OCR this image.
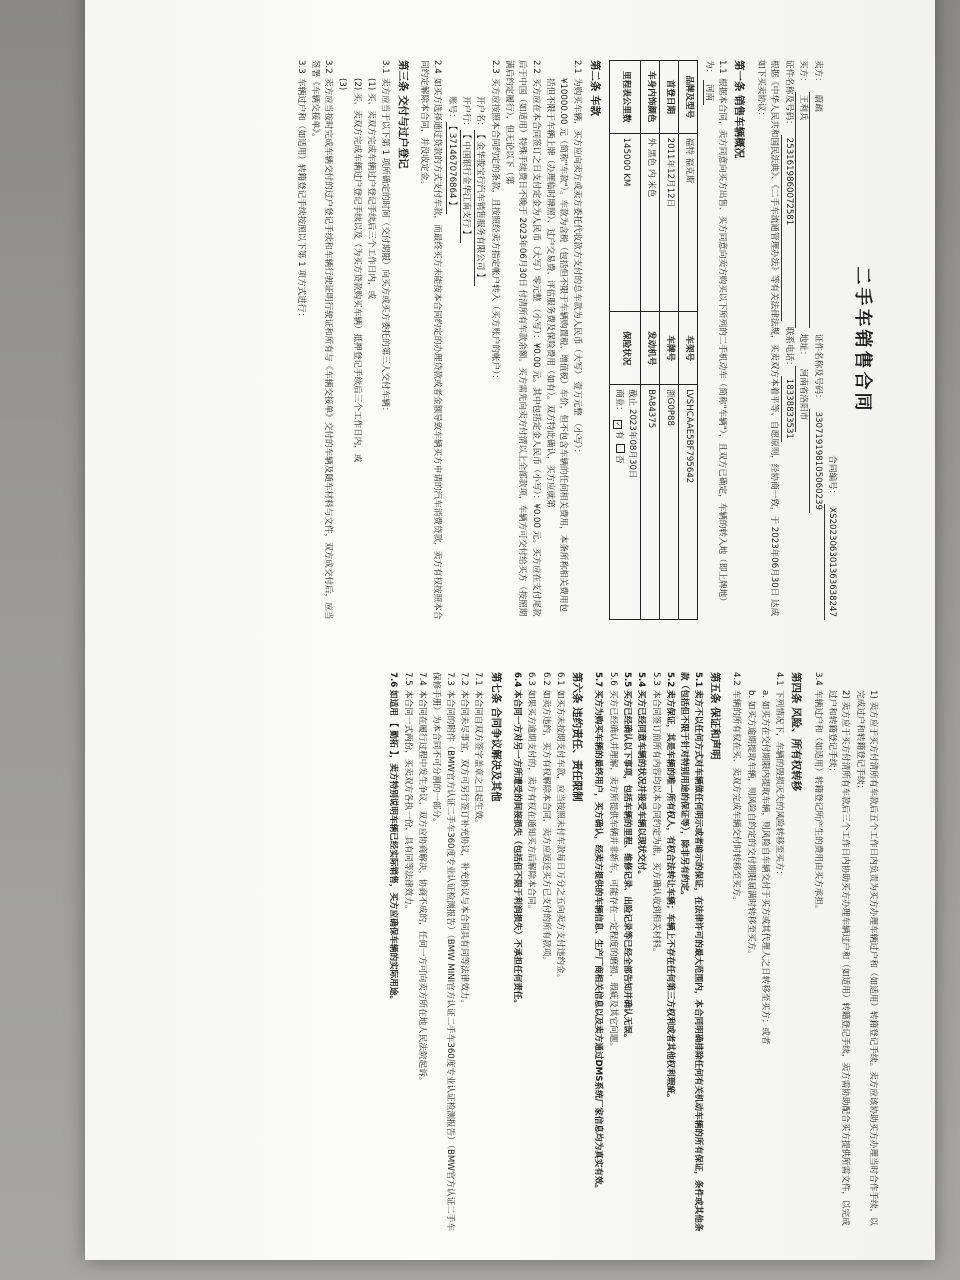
二手车销售合同
合同编号：
XS2023063013636382​47
卖方：
蔚疏
证件名称及号码：
330719198105060239
买方：
王利兵
地址：
河南省洛阳市
证件名称及号码：
253161986007258​1
联系电话：
18338833531
根据《中华人民共和国民法典》、《二手车流通管理办法》等有关法律法规，买卖双方本着平等、自愿原则，经协商一致，于 2023年06月30日 达成如下买卖协议：
第一条 销售车辆概况
1.1根据本合同，卖方同意向买方出售、买方同意向卖方购买以下所列的二手机动车（简称"车辆"），且双方已确定，车辆的转入地（即上牌地）为： 河南
品牌及型号	福特 福克斯	车架号	LVSHCAAE5BF795642
首登日期	2011年12月12日	车牌号	浙G0P88
车身内饰颜色	外 黑色 内 米色	发动机号	BA84375
里程表公里数	145000 KM	保险状况	截止 2023年08月30日
商业： ✓有 否
第二条 车款
2.1为购买车辆，买方应向卖方或卖方委托代收款方支付的总车款为人民币（大写） 壹万元整 （小写）：
¥10000.00 元（简称"车款"）。车款为含税（包括但不限于车辆购置税、增值税）车价，但不包含车辆的任何相关费用，本条所称相关费用包括但不限于车辆上牌（办理临时牌照）、过户交易费、评估服务费及保险费用（如有）。双方特此确认，买方应就第
2.2买方应在本合同签订之日支付定金为人民币（大写）零元整 （小写）：¥0.00 元。其中包括定金人民币（小写）：¥0.00 元。买方应在支付尾款后于中国（如适用）特殊手续费日不晚于 2023年06月30日 付清所有车款余额。买方需先向卖方付清以上全部款项，车辆方可交付给买方（按照期满后约定履行），但无论以下（第
2.3买方应按照本合同约定的条款，且按照经卖方指定帐户转入（买方账户的帐户）：
开户名：【 金华骏宝行汽车销售服务有限公司 】
开户行：【 中国银行金华江南支行 】
账号：【 371467076864 】
2.4如买方选择通过贷款的方式支付车款，而最终买方未能按本合同约定的办理贷款或者金额导致车辆买方申请的汽车消费贷款，卖方有权按照本合同约定解除本合同，并没收定金。
第三条 交付与过户登记
3.1卖方应当于以下第 1 项所确定的时间（交付期限）向买方或买方委托的第三人交付车辆：
(1) 买、卖双方完成车辆过户登记手续后三个工作日内，或
(2) 买、卖双方完成车辆过户登记手续以及（为买方贷款购买车辆）抵押登记手续后三个工作日内，或
(3)
3.2卖方应当按时完成车辆交付的过户登记手续和车辆行驶证明行驶证和所有与《车辆交接单》交付的车辆及随车材料与文件，双方成交付后，应当签署《车辆交接单》。
3.3车辆过户和（如适用）转籍登记手续按照以下第 1 项方式进行：
1) 卖方应于买方付清所有车款后五个工作日内负责为买方办理车辆过户和（如适用）转籍登记手续。卖方应该协助买方办理当时合作手续，以完成过户和转籍登记手续；
2) 卖方应于买方付清所有车款后三个工作日内协助买方办理车辆过户和（如适用）转籍登记手续，卖方需协助配合买方提供所需文件，以完成过户和转籍登记手续；
3.4车辆过户和（如适用）转籍登记所产生的费用由买方承担。
第四条 风险、所有权转移
4.1下列情况下，车辆的毁损灭失的风险转移至买方：
a. 如买方在交付期限内提取车辆，则风险自车辆交付于买方或其代理人之日转移至买方；或者
b. 如买方逾期提取车辆，则风险自约定的交付期限届满时转移至买方。
4.2车辆的所有权在买、卖双方完成车辆交付时转移至买方。
第五条 保证和声明
5.1卖方不以任何方式对车辆做任何明示或者暗示的保证，在法律许可的最大范围内，本合同明确排除任何有关机动车辆的所有保证，条件或其他条款（包括但不限于针对特别用途的保证等），除非另有约定。
5.2卖方保证，其是车辆的唯一所有权人，有权合法转让车辆；车辆上不存在任何第三方权利或者其他权利瑕疵。
5.3本合同签订前所有内容均以本合同约定为准，买方确认收到相关材料。
5.4买方已经同意车辆的状况并接受车辆以现状交付。
5.5买方已经确认以下事项，包括车辆的里程、维修记录、出险记录等已经全部告知并确认无误。
5.6买方已经确认并理解，卖方所提供车辆并非新车，可能存在一定程度的磨损、瑕疵及其它问题。
5.7买方为购买车辆的最终用户，买方确认，经卖方提供的车辆信息、生产厂商相关信息以及卖方通过DMS系统厂家信息均为真实有效。
第六条 违约责任、责任限制
6.1如买方未按期支付车款，应当按照未付车款每日万分之五向卖方支付违约金。
6.2如卖方违约，买方有权解除本合同，卖方应返还买方已支付的所有款项。
6.3如果买方逾期支付的，卖方有权在通知买方后解除本合同。
6.4本合同一方对另一方所遭受的间接损失（包括但不限于利润损失）不承担任何责任。
第七条 合同争议解决及其他
7.1本合同自双方签字盖章之日起生效。
7.2本合同未尽事宜，双方可另行签订补充协议，补充协议与本合同具有同等法律效力。
7.3本合同的附件（BMW官方认证二手车360度专业认证检测报告）（BMW MINI官方认证二手车360度专业认证检测报告）（BMW官方认证二手车保修手册）为本合同不可分割的一部分。
7.4本合同在履行过程中发生争议，双方应协商解决，协商不成的，任何一方可向卖方所在地人民法院起诉。
7.5本合同一式两份，买卖双方各执一份，具有同等法律效力。
7.6如适用 【 勤拓 】，卖方特别说明车辆已经实际销售，买方应确保车辆的实际用途。
